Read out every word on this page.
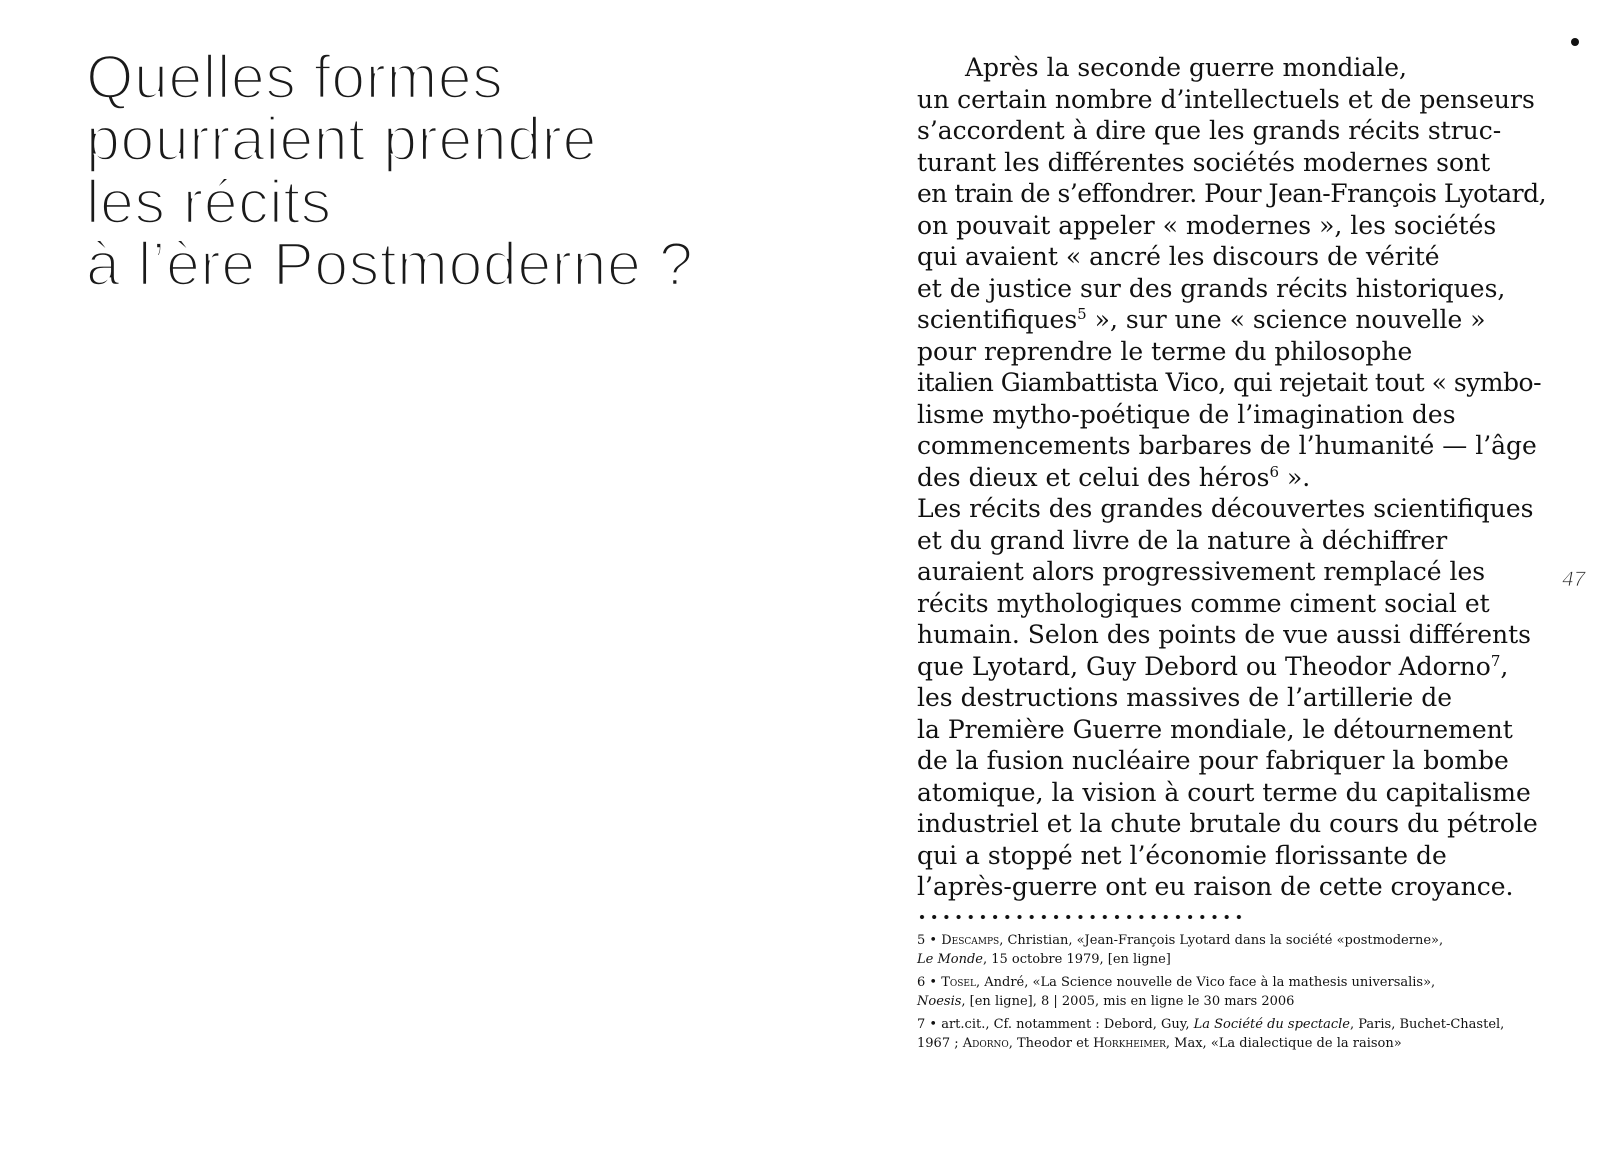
Quelles formes
pourraient prendre
les récits
à l’ère Postmoderne ?
Après la seconde guerre mondiale,
un certain nombre d’intellectuels et de penseurs
s’accordent à dire que les grands récits struc-
turant les différentes sociétés modernes sont
en train de s’effondrer. Pour Jean-François Lyotard,
on pouvait appeler « modernes », les sociétés
qui avaient « ancré les discours de vérité
et de justice sur des grands récits historiques,
scientifiques$^5$ », sur une « science nouvelle »
pour reprendre le terme du philosophe
italien Giambattista Vico, qui rejetait tout « symbo-
lisme mytho-poétique de l’imagination des
commencements barbares de l’humanité — l’âge
des dieux et celui des héros$^6$ ».
Les récits des grandes découvertes scientifiques
et du grand livre de la nature à déchiffrer
auraient alors progressivement remplacé les
récits mythologiques comme ciment social et
humain. Selon des points de vue aussi différents
que Lyotard, Guy Debord ou Theodor Adorno$^7$,
les destructions massives de l’artillerie de
la Première Guerre mondiale, le détournement
de la fusion nucléaire pour fabriquer la bombe
atomique, la vision à court terme du capitalisme
industriel et la chute brutale du cours du pétrole
qui a stoppé net l’économie florissante de
l’après-guerre ont eu raison de cette croyance.
5 • Descamps, Christian, «Jean-François Lyotard dans la société «postmoderne»,
Le Monde, 15 octobre 1979, [en ligne]
6 • Tosel, André, «La Science nouvelle de Vico face à la mathesis universalis»,
Noesis, [en ligne], 8 | 2005, mis en ligne le 30 mars 2006
7 • art.cit., Cf. notamment : Debord, Guy, La Société du spectacle, Paris, Buchet-Chastel,
1967 ; Adorno, Theodor et Horkheimer, Max, «La dialectique de la raison»
47
